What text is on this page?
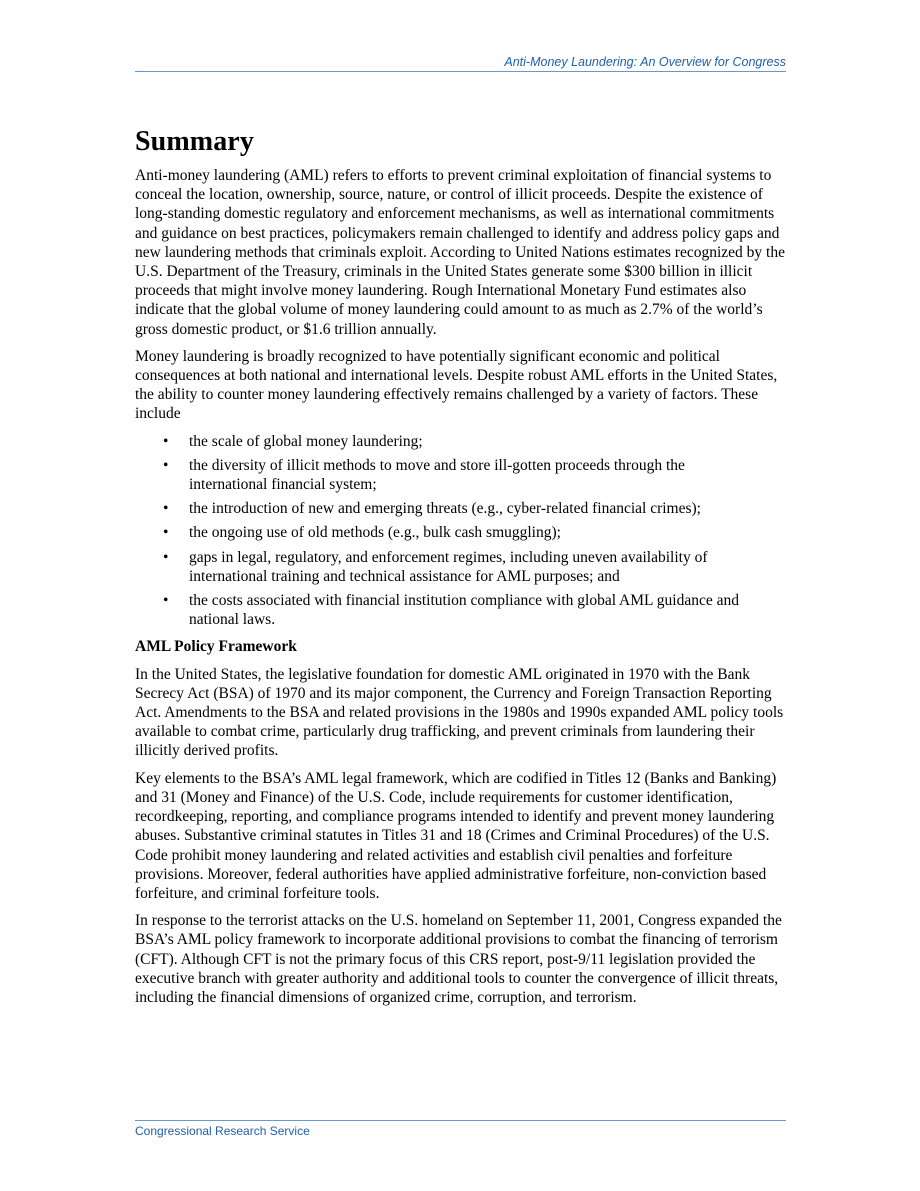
Anti-Money Laundering: An Overview for Congress
Summary

Anti-money laundering (AML) refers to efforts to prevent criminal exploitation of financial systems to conceal the location, ownership, source, nature, or control of illicit proceeds. Despite the existence of long-standing domestic regulatory and enforcement mechanisms, as well as international commitments and guidance on best practices, policymakers remain challenged to identify and address policy gaps and new laundering methods that criminals exploit. According to United Nations estimates recognized by the U.S. Department of the Treasury, criminals in the United States generate some $300 billion in illicit proceeds that might involve money laundering. Rough International Monetary Fund estimates also indicate that the global volume of money laundering could amount to as much as 2.7% of the world’s gross domestic product, or $1.6 trillion annually.

Money laundering is broadly recognized to have potentially significant economic and political consequences at both national and international levels. Despite robust AML efforts in the United States, the ability to counter money laundering effectively remains challenged by a variety of factors. These include

• the scale of global money laundering;
• the diversity of illicit methods to move and store ill-gotten proceeds through the international financial system;
• the introduction of new and emerging threats (e.g., cyber-related financial crimes);
• the ongoing use of old methods (e.g., bulk cash smuggling);
• gaps in legal, regulatory, and enforcement regimes, including uneven availability of international training and technical assistance for AML purposes; and
• the costs associated with financial institution compliance with global AML guidance and national laws.
AML Policy Framework

In the United States, the legislative foundation for domestic AML originated in 1970 with the Bank Secrecy Act (BSA) of 1970 and its major component, the Currency and Foreign Transaction Reporting Act. Amendments to the BSA and related provisions in the 1980s and 1990s expanded AML policy tools available to combat crime, particularly drug trafficking, and prevent criminals from laundering their illicitly derived profits.

Key elements to the BSA’s AML legal framework, which are codified in Titles 12 (Banks and Banking) and 31 (Money and Finance) of the U.S. Code, include requirements for customer identification, recordkeeping, reporting, and compliance programs intended to identify and prevent money laundering abuses. Substantive criminal statutes in Titles 31 and 18 (Crimes and Criminal Procedures) of the U.S. Code prohibit money laundering and related activities and establish civil penalties and forfeiture provisions. Moreover, federal authorities have applied administrative forfeiture, non-conviction based forfeiture, and criminal forfeiture tools.

In response to the terrorist attacks on the U.S. homeland on September 11, 2001, Congress expanded the BSA’s AML policy framework to incorporate additional provisions to combat the financing of terrorism (CFT). Although CFT is not the primary focus of this CRS report, post-9/11 legislation provided the executive branch with greater authority and additional tools to counter the convergence of illicit threats, including the financial dimensions of organized crime, corruption, and terrorism.

Congressional Research Service
